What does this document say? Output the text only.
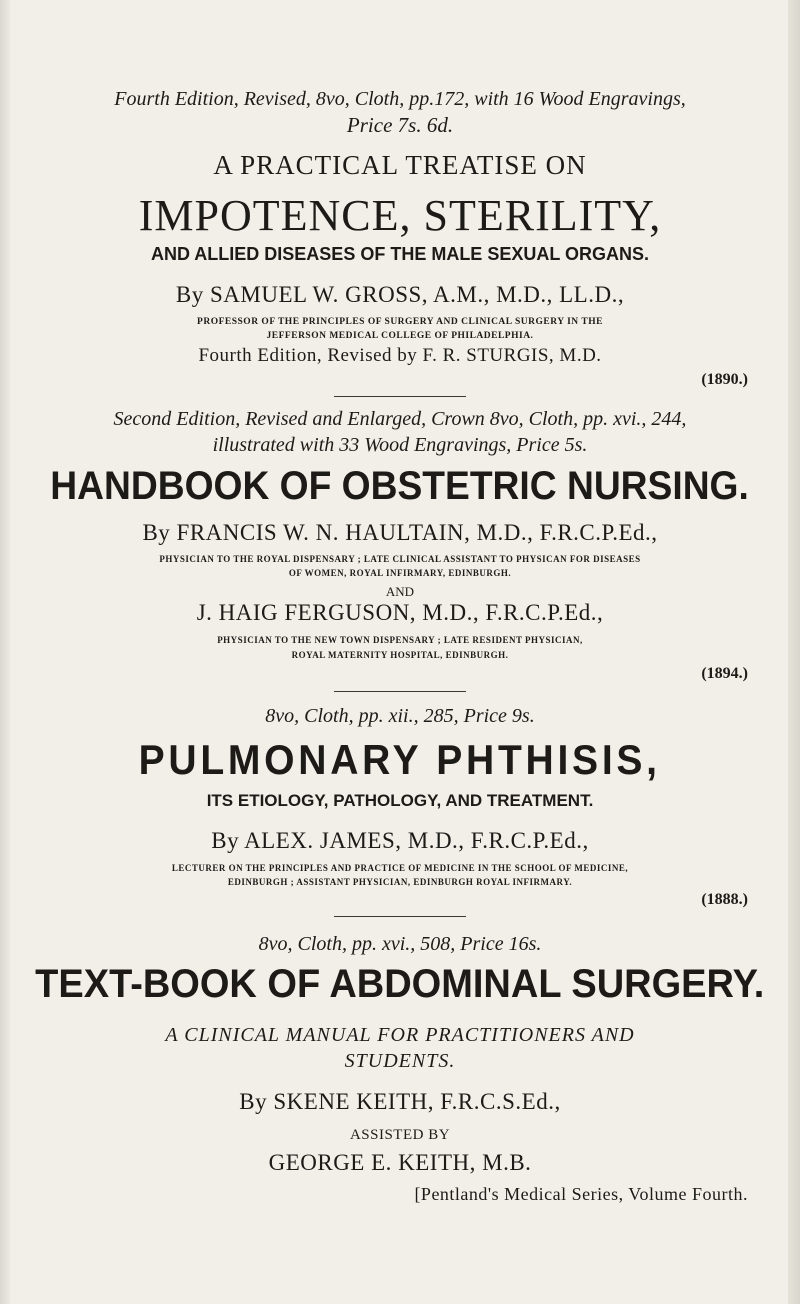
Fourth Edition, Revised, 8vo, Cloth, pp.172, with 16 Wood Engravings,
Price 7s. 6d.
A PRACTICAL TREATISE ON
IMPOTENCE, STERILITY,
AND ALLIED DISEASES OF THE MALE SEXUAL ORGANS.
By SAMUEL W. GROSS, A.M., M.D., LL.D.,
PROFESSOR OF THE PRINCIPLES OF SURGERY AND CLINICAL SURGERY IN THE
JEFFERSON MEDICAL COLLEGE OF PHILADELPHIA.
Fourth Edition, Revised by F. R. STURGIS, M.D.
(1890.)
Second Edition, Revised and Enlarged, Crown 8vo, Cloth, pp. xvi., 244,
illustrated with 33 Wood Engravings, Price 5s.
HANDBOOK OF OBSTETRIC NURSING.
By FRANCIS W. N. HAULTAIN, M.D., F.R.C.P.Ed.,
PHYSICIAN TO THE ROYAL DISPENSARY ; LATE CLINICAL ASSISTANT TO PHYSICAN FOR DISEASES
OF WOMEN, ROYAL INFIRMARY, EDINBURGH.
AND
J. HAIG FERGUSON, M.D., F.R.C.P.Ed.,
PHYSICIAN TO THE NEW TOWN DISPENSARY ; LATE RESIDENT PHYSICIAN,
ROYAL MATERNITY HOSPITAL, EDINBURGH.
(1894.)
8vo, Cloth, pp. xii., 285, Price 9s.
PULMONARY PHTHISIS,
ITS ETIOLOGY, PATHOLOGY, AND TREATMENT.
By ALEX. JAMES, M.D., F.R.C.P.Ed.,
LECTURER ON THE PRINCIPLES AND PRACTICE OF MEDICINE IN THE SCHOOL OF MEDICINE,
EDINBURGH ; ASSISTANT PHYSICIAN, EDINBURGH ROYAL INFIRMARY.
(1888.)
8vo, Cloth, pp. xvi., 508, Price 16s.
TEXT-BOOK OF ABDOMINAL SURGERY.
A CLINICAL MANUAL FOR PRACTITIONERS AND
STUDENTS.
By SKENE KEITH, F.R.C.S.Ed.,
ASSISTED BY
GEORGE E. KEITH, M.B.
[Pentland's Medical Series, Volume Fourth.
